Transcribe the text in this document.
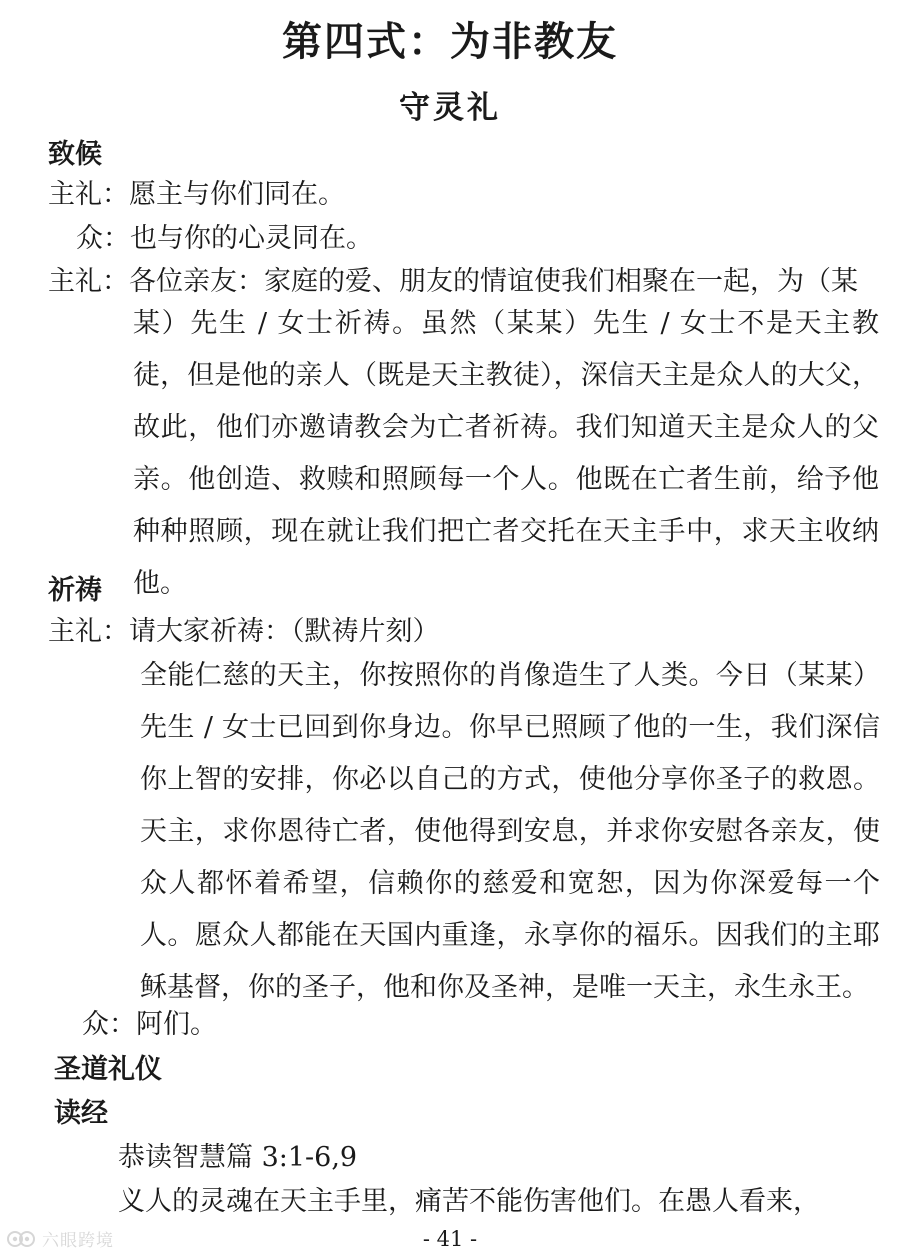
第四式：为非教友
守灵礼
致候
主礼：愿主与你们同在。
众：也与你的心灵同在。
主礼：各位亲友：家庭的爱、朋友的情谊使我们相聚在一起，为（某
某）先生 / 女士祈祷。虽然（某某）先生 / 女士不是天主教徒，但是他的亲人（既是天主教徒），深信天主是众人的大父，故此，他们亦邀请教会为亡者祈祷。我们知道天主是众人的父亲。他创造、救赎和照顾每一个人。他既在亡者生前，给予他种种照顾，现在就让我们把亡者交托在天主手中，求天主收纳他。
祈祷
主礼：请大家祈祷：（默祷片刻）
全能仁慈的天主，你按照你的肖像造生了人类。今日（某某）先生 / 女士已回到你身边。你早已照顾了他的一生，我们深信你上智的安排，你必以自己的方式，使他分享你圣子的救恩。天主，求你恩待亡者，使他得到安息，并求你安慰各亲友，使众人都怀着希望，信赖你的慈爱和宽恕，因为你深爱每一个人。愿众人都能在天国内重逢，永享你的福乐。因我们的主耶稣基督，你的圣子，他和你及圣神，是唯一天主，永生永王。
众：阿们。
圣道礼仪
读经
恭读智慧篇 3:1-6,9
义人的灵魂在天主手里，痛苦不能伤害他们。在愚人看来，
- 41 -
六眼跨境
